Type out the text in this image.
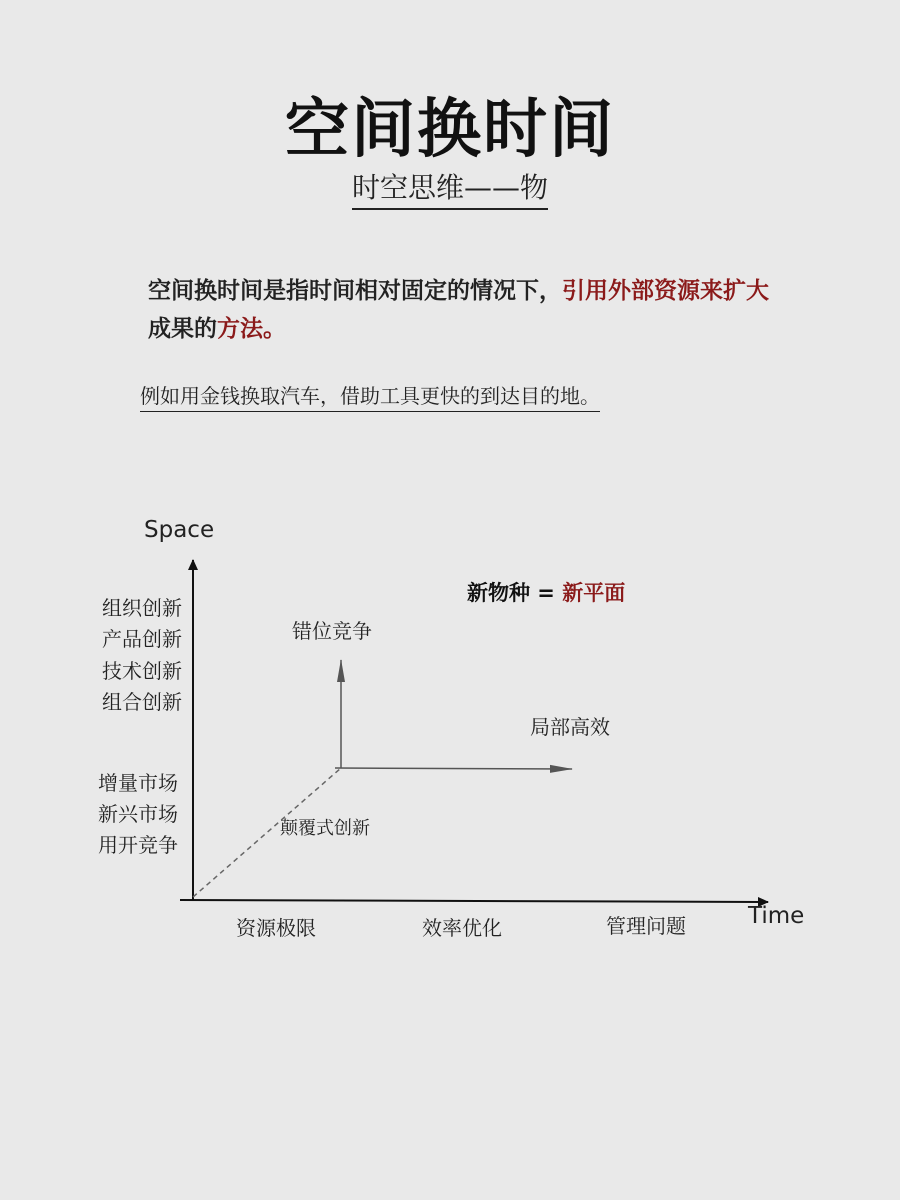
空间换时间
时空思维——物
空间换时间是指时间相对固定的情况下，引用外部资源来扩大
成果的方法。
例如用金钱换取汽车，借助工具更快的到达目的地。
Space
Time
组织创新
产品创新
技术创新
组合创新
增量市场
新兴市场
用开竞争
资源极限	效率优化	管理问题
新物种 = 新平面
错位竞争
局部高效
颠覆式创新
